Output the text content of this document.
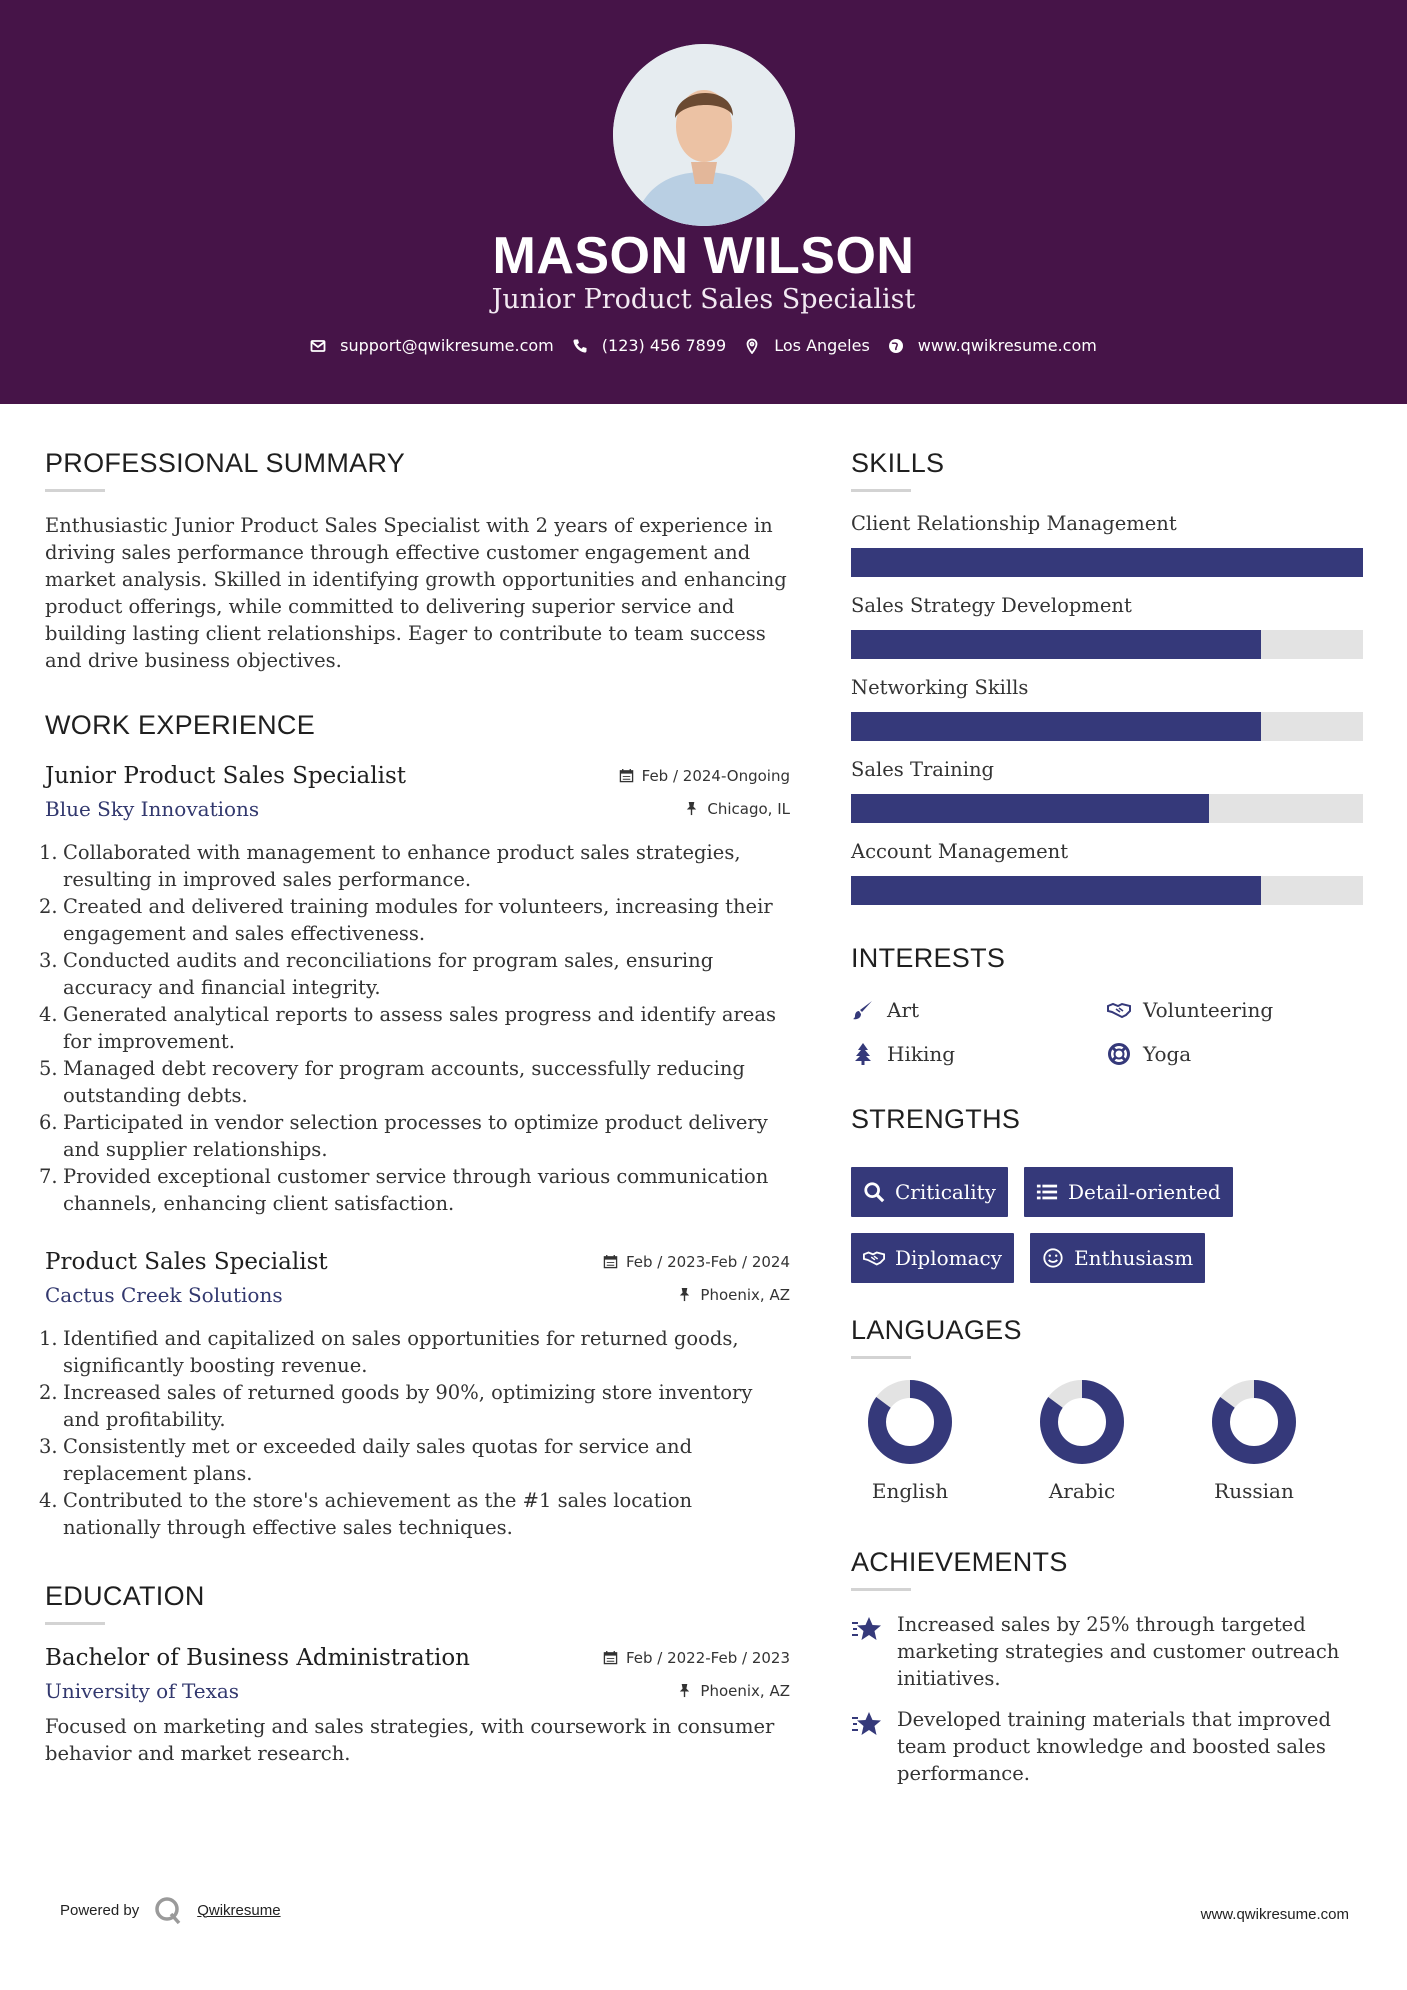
MASON WILSON
Junior Product Sales Specialist
support@qwikresume.com	(123) 456 7899	Los Angeles	www.qwikresume.com
PROFESSIONAL SUMMARY

Enthusiastic Junior Product Sales Specialist with 2 years of experience in driving sales performance through effective customer engagement and market analysis. Skilled in identifying growth opportunities and enhancing product offerings, while committed to delivering superior service and building lasting client relationships. Eager to contribute to team success and drive business objectives.

WORK EXPERIENCE
Junior Product Sales Specialist	Feb / 2024-Ongoing
Blue Sky Innovations	Chicago, IL
Collaborated with management to enhance product sales strategies, resulting in improved sales performance.
Created and delivered training modules for volunteers, increasing their engagement and sales effectiveness.
Conducted audits and reconciliations for program sales, ensuring accuracy and financial integrity.
Generated analytical reports to assess sales progress and identify areas for improvement.
Managed debt recovery for program accounts, successfully reducing outstanding debts.
Participated in vendor selection processes to optimize product delivery and supplier relationships.
Provided exceptional customer service through various communication channels, enhancing client satisfaction.
Product Sales Specialist	Feb / 2023-Feb / 2024
Cactus Creek Solutions	Phoenix, AZ
Identified and capitalized on sales opportunities for returned goods, significantly boosting revenue.
Increased sales of returned goods by 90%, optimizing store inventory and profitability.
Consistently met or exceeded daily sales quotas for service and replacement plans.
Contributed to the store's achievement as the #1 sales location nationally through effective sales techniques.
EDUCATION
Bachelor of Business Administration	Feb / 2022-Feb / 2023
University of Texas	Phoenix, AZ

Focused on marketing and sales strategies, with coursework in consumer behavior and market research.

SKILLS
Client Relationship Management
Sales Strategy Development
Networking Skills
Sales Training
Account Management
INTERESTS
Art	Volunteering
Hiking	Yoga
STRENGTHS
Criticality	Detail-oriented
Diplomacy	Enthusiasm
LANGUAGES
English	Arabic	Russian
ACHIEVEMENTS
Increased sales by 25% through targeted marketing strategies and customer outreach initiatives.
Developed training materials that improved team product knowledge and boosted sales performance.
Powered by	Qwikresume	www.qwikresume.com
